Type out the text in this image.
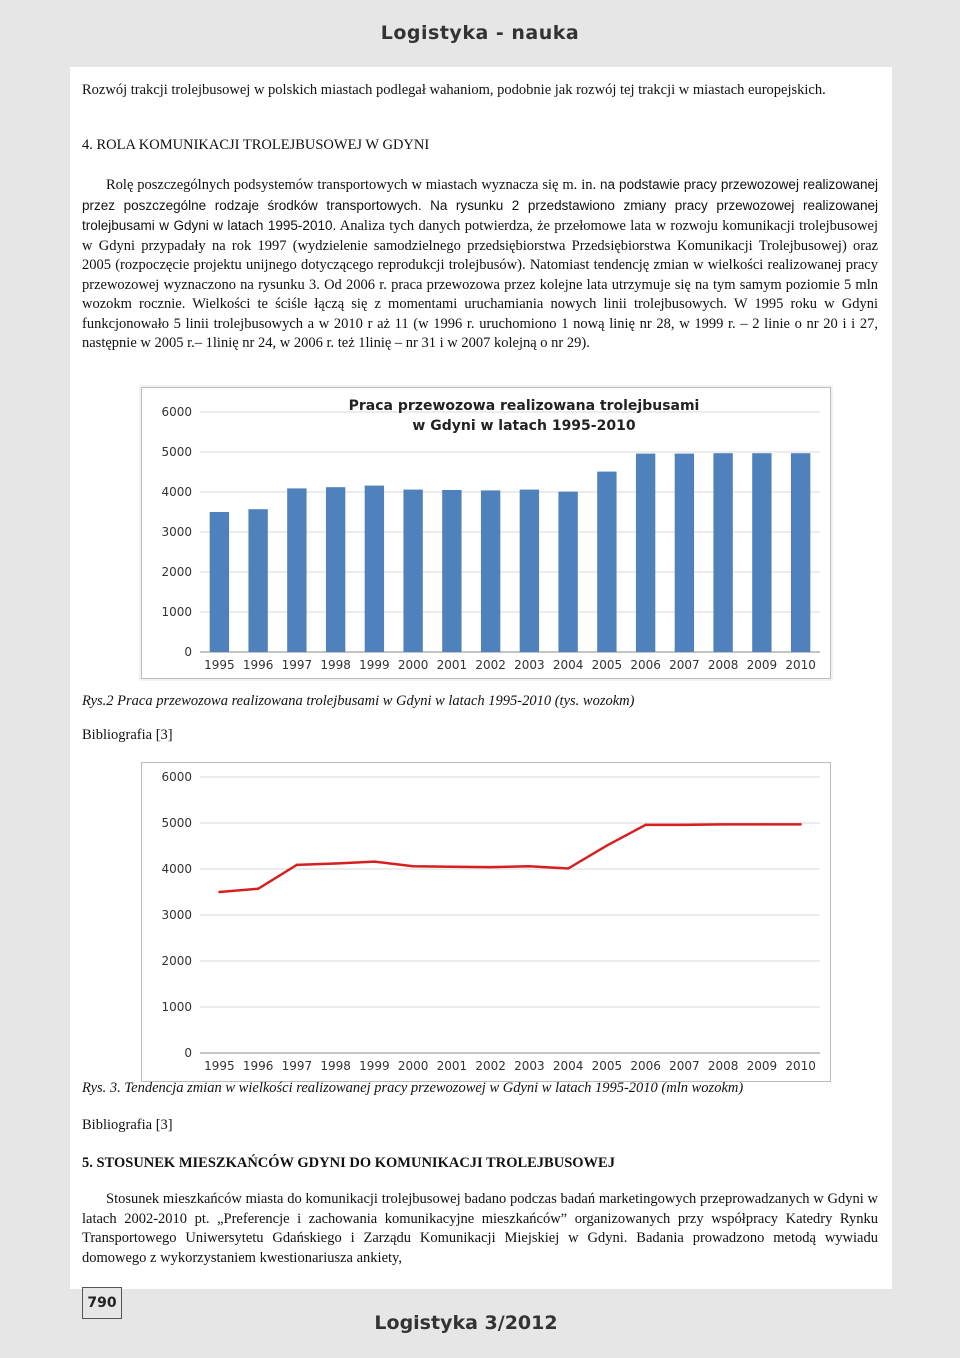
Logistyka - nauka

Rozwój trakcji trolejbusowej w polskich miastach podlegał wahaniom, podobnie jak rozwój tej trakcji w miastach europejskich.

4. ROLA KOMUNIKACJI TROLEJBUSOWEJ W GDYNI

Rolę poszczególnych podsystemów transportowych w miastach wyznacza się m. in. na podstawie pracy przewozowej realizowanej przez poszczególne rodzaje środków transportowych. Na rysunku 2 przedstawiono zmiany pracy przewozowej realizowanej trolejbusami w Gdyni w latach 1995-2010. Analiza tych danych potwierdza, że przełomowe lata w rozwoju komunikacji trolejbusowej w Gdyni przypadały na rok 1997 (wydzielenie samodzielnego przedsiębiorstwa Przedsiębiorstwa Komunikacji Trolejbusowej) oraz 2005 (rozpoczęcie projektu unijnego dotyczącego reprodukcji trolejbusów). Natomiast tendencję zmian w wielkości realizowanej pracy przewozowej wyznaczono na rysunku 3. Od 2006 r. praca przewozowa przez kolejne lata utrzymuje się na tym samym poziomie 5 mln wozokm rocznie. Wielkości te ściśle łączą się z momentami uruchamiania nowych linii trolejbusowych. W 1995 roku w Gdyni funkcjonowało 5 linii trolejbusowych a w 2010 r aż 11 (w 1996 r. uruchomiono 1 nową linię nr 28, w 1999 r. – 2 linie o nr 20 i i 27, następnie w 2005 r.– 1linię nr 24, w 2006 r. też 1linię – nr 31 i w 2007 kolejną o nr 29).

0
1000
2000
3000
4000
5000
6000
1995 1996 1997 1998 1999 2000 2001 2002 2003 2004 2005 2006 2007 2008 2009 2010
Praca przewozowa realizowana trolejbusami
w Gdyni w latach 1995-2010
Rys.2 Praca przewozowa realizowana trolejbusami w Gdyni w latach 1995-2010 (tys. wozokm)
Bibliografia [3]
0
1000
2000
3000
4000
5000
6000
1995 1996 1997 1998 1999 2000 2001 2002 2003 2004 2005 2006 2007 2008 2009 2010
Rys. 3. Tendencja zmian w wielkości realizowanej pracy przewozowej w Gdyni w latach 1995-2010 (mln wozokm)
Bibliografia [3]
5. STOSUNEK MIESZKAŃCÓW GDYNI DO KOMUNIKACJI TROLEJBUSOWEJ

Stosunek mieszkańców miasta do komunikacji trolejbusowej badano podczas badań marketingowych przeprowadzanych w Gdyni w latach 2002-2010 pt. „Preferencje i zachowania komunikacyjne mieszkańców” organizowanych przy współpracy Katedry Rynku Transportowego Uniwersytetu Gdańskiego i Zarządu Komunikacji Miejskiej w Gdyni. Badania prowadzono metodą wywiadu domowego z wykorzystaniem kwestionariusza ankiety,

790
Logistyka 3/2012
